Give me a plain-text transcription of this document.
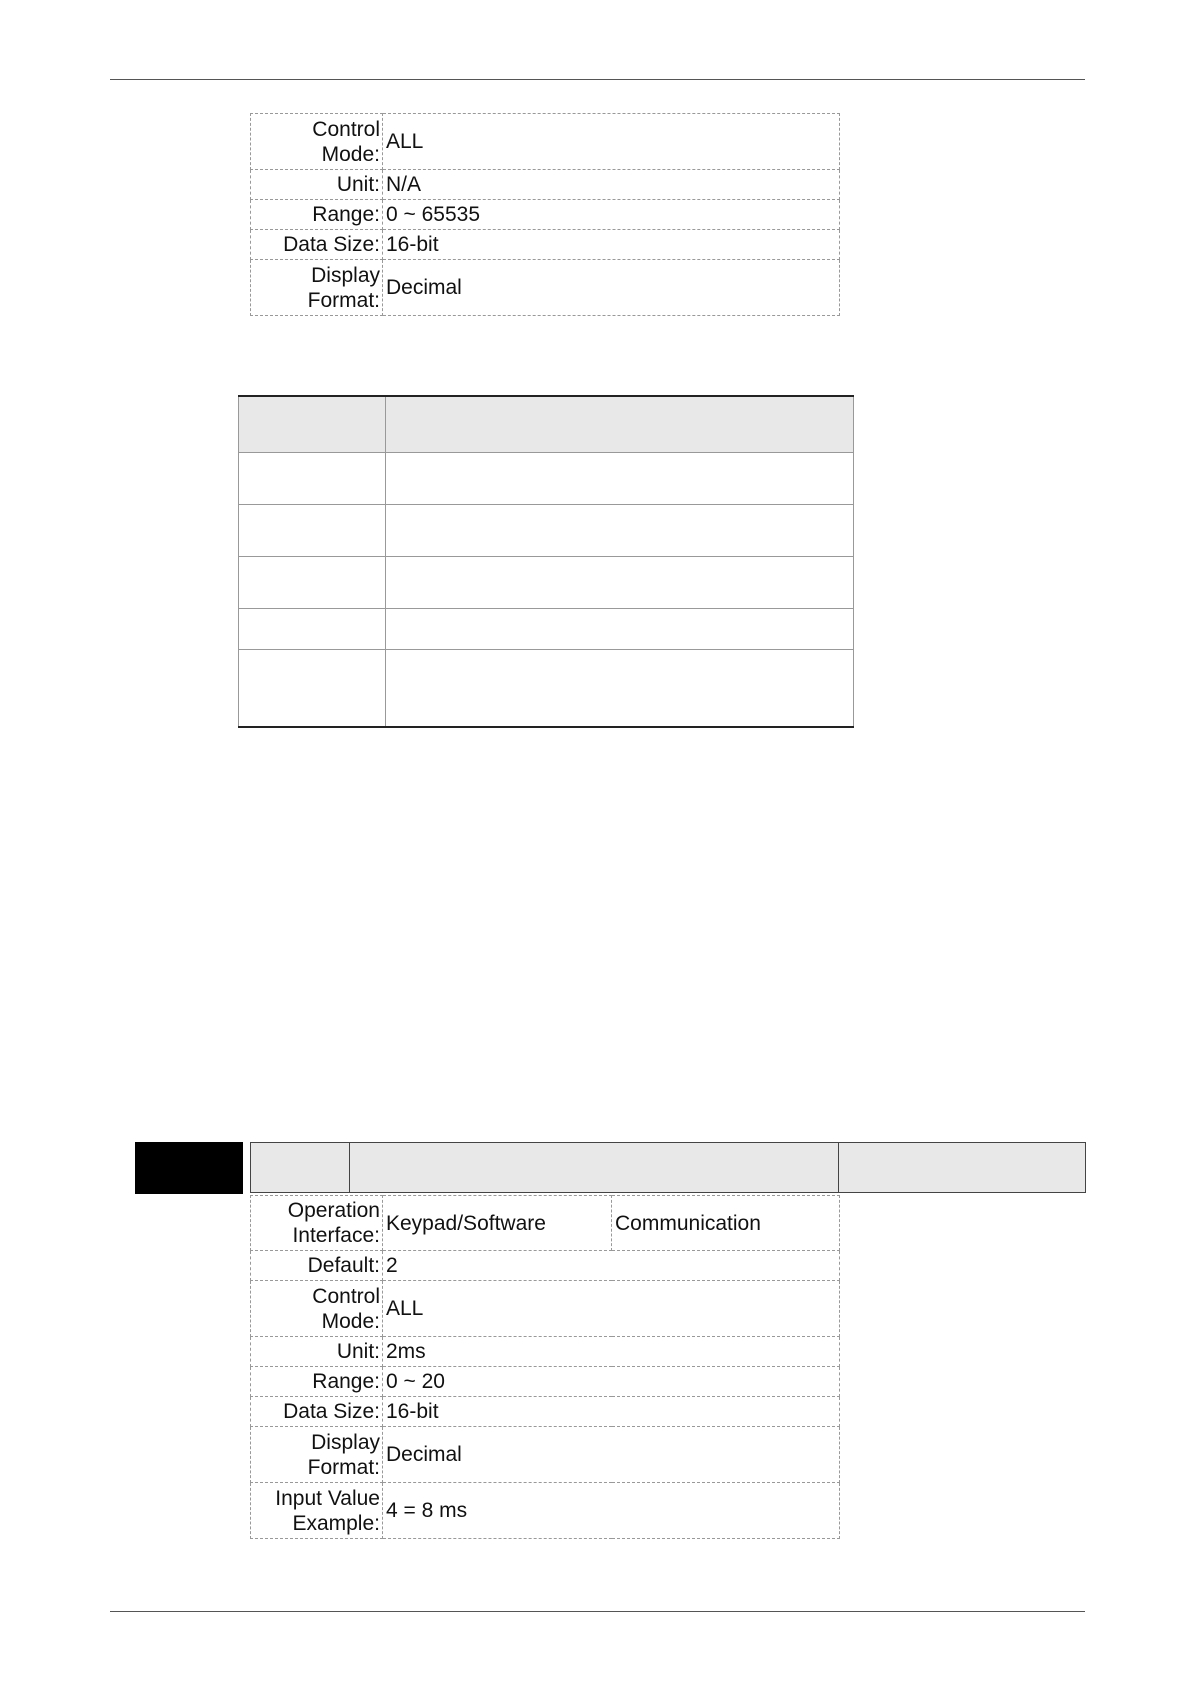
Control Mode:	ALL
Unit:	N/A
Range:	0 ~ 65535
Data Size:	16-bit
Display Format:	Decimal

Operation Interface:	Keypad/Software	Communication
Default:	2	
Control Mode:	ALL	
Unit:	2ms	
Range:	0 ~ 20	
Data Size:	16-bit	
Display Format:	Decimal	
Input Value Example:	4 = 8 ms	
